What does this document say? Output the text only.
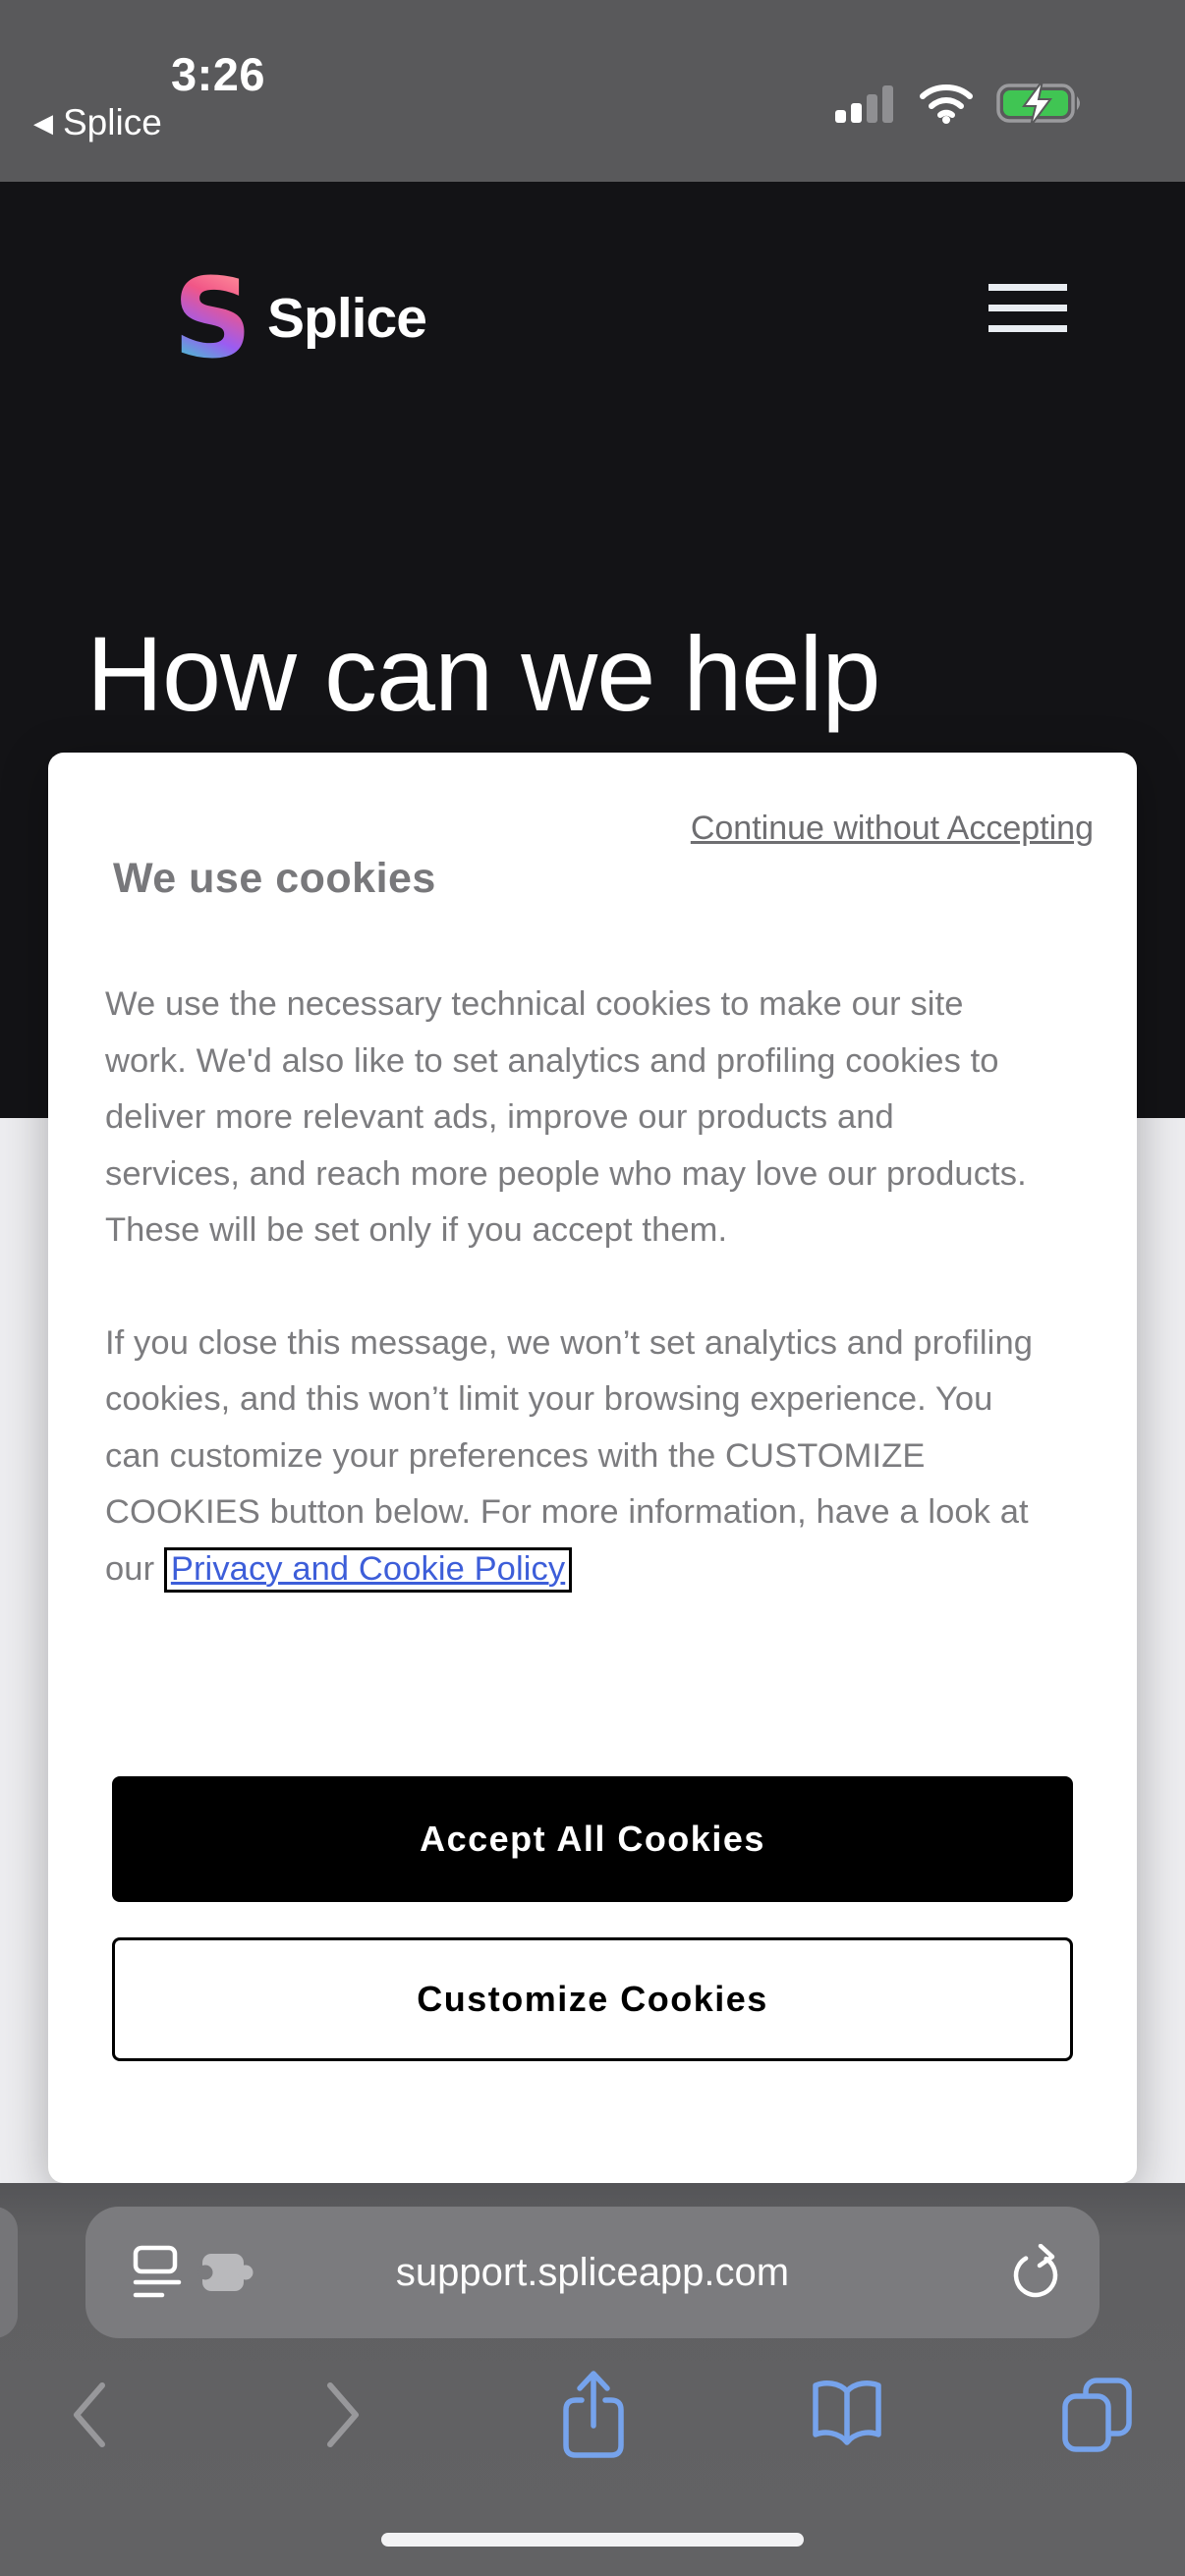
3:26
◀ Splice
S Splice
How can we help
Continue without Accepting
We use cookies

We use the necessary technical cookies to make our site work. We'd also like to set analytics and profiling cookies to deliver more relevant ads, improve our products and services, and reach more people who may love our products. These will be set only if you accept them.

If you close this message, we won’t set analytics and profiling cookies, and this won’t limit your browsing experience. You can customize your preferences with the CUSTOMIZE COOKIES button below. For more information, have a look at our Privacy and Cookie Policy

Accept All Cookies
Customize Cookies
support.spliceapp.com
